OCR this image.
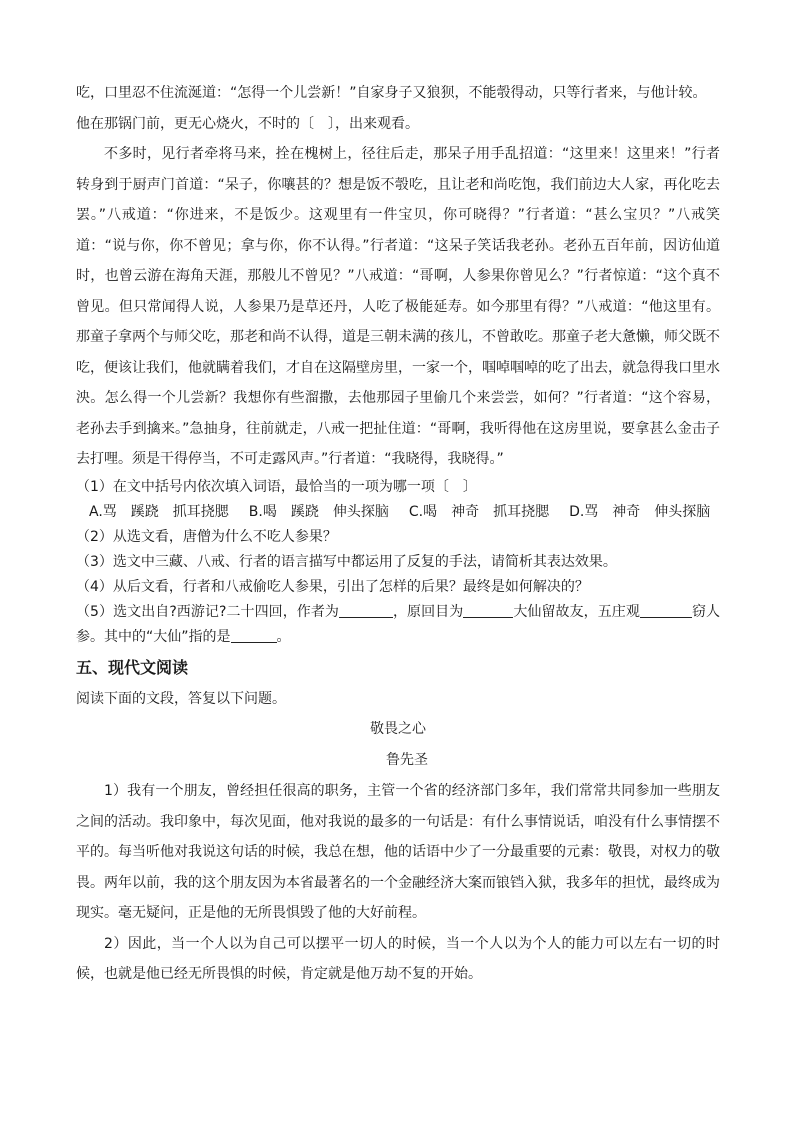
吃，口里忍不住流涎道：“怎得一个儿尝新！”自家身子又狼狈，不能彀得动，只等行者来，与他计较。

他在那锅门前，更无心烧火，不时的〔　〕，出来观看。

不多时，见行者牵将马来，拴在槐树上，径往后走，那呆子用手乱招道：“这里来！这里来！”行者转身到于厨声门首道：“呆子，你嚷甚的？想是饭不彀吃，且让老和尚吃饱，我们前边大人家，再化吃去罢。”八戒道：“你进来，不是饭少。这观里有一件宝贝，你可晓得？”行者道：“甚么宝贝？”八戒笑道：“说与你，你不曾见；拿与你，你不认得。”行者道：“这呆子笑话我老孙。老孙五百年前，因访仙道时，也曾云游在海角天涯，那般儿不曾见？”八戒道：“哥啊，人参果你曾见么？”行者惊道：“这个真不曾见。但只常闻得人说，人参果乃是草还丹，人吃了极能延寿。如今那里有得？”八戒道：“他这里有。那童子拿两个与师父吃，那老和尚不认得，道是三朝未满的孩儿，不曾敢吃。那童子老大惫懒，师父既不吃，便该让我们，他就瞒着我们，才自在这隔壁房里，一家一个，啯啅啯啅的吃了出去，就急得我口里水泱。怎么得一个儿尝新？我想你有些溜撒，去他那园子里偷几个来尝尝，如何？”行者道：“这个容易，老孙去手到擒来。”急抽身，往前就走，八戒一把扯住道：“哥啊，我听得他在这房里说，要拿甚么金击子去打哩。须是干得停当，不可走露风声。”行者道：“我晓得，我晓得。”

（1）在文中括号内依次填入词语，最恰当的一项为哪一项〔　〕

A.骂　蹊跷　抓耳挠腮 B.喝　蹊跷　伸头探脑 C.喝　神奇　抓耳挠腮 D.骂　神奇　伸头探脑

（2）从选文看，唐僧为什么不吃人参果？

（3）选文中三藏、八戒、行者的语言描写中都运用了反复的手法，请简析其表达效果。

（4）从后文看，行者和八戒偷吃人参果，引出了怎样的后果？最终是如何解决的？

（5）选文出自?西游记?二十四回，作者为	，原回目为	大仙留故友，五庄观	窃人参。其中的“大仙”指的是	。

五、现代文阅读

阅读下面的文段，答复以下问题。

敬畏之心

鲁先圣

1）我有一个朋友，曾经担任很高的职务，主管一个省的经济部门多年，我们常常共同参加一些朋友之间的活动。我印象中，每次见面，他对我说的最多的一句话是：有什么事情说话，咱没有什么事情摆不平的。每当听他对我说这句话的时候，我总在想，他的话语中少了一分最重要的元素：敬畏，对权力的敬畏。两年以前，我的这个朋友因为本省最著名的一个金融经济大案而锒铛入狱，我多年的担忧，最终成为现实。毫无疑问，正是他的无所畏惧毁了他的大好前程。

2）因此，当一个人以为自己可以摆平一切人的时候，当一个人以为个人的能力可以左右一切的时候，也就是他已经无所畏惧的时候，肯定就是他万劫不复的开始。
